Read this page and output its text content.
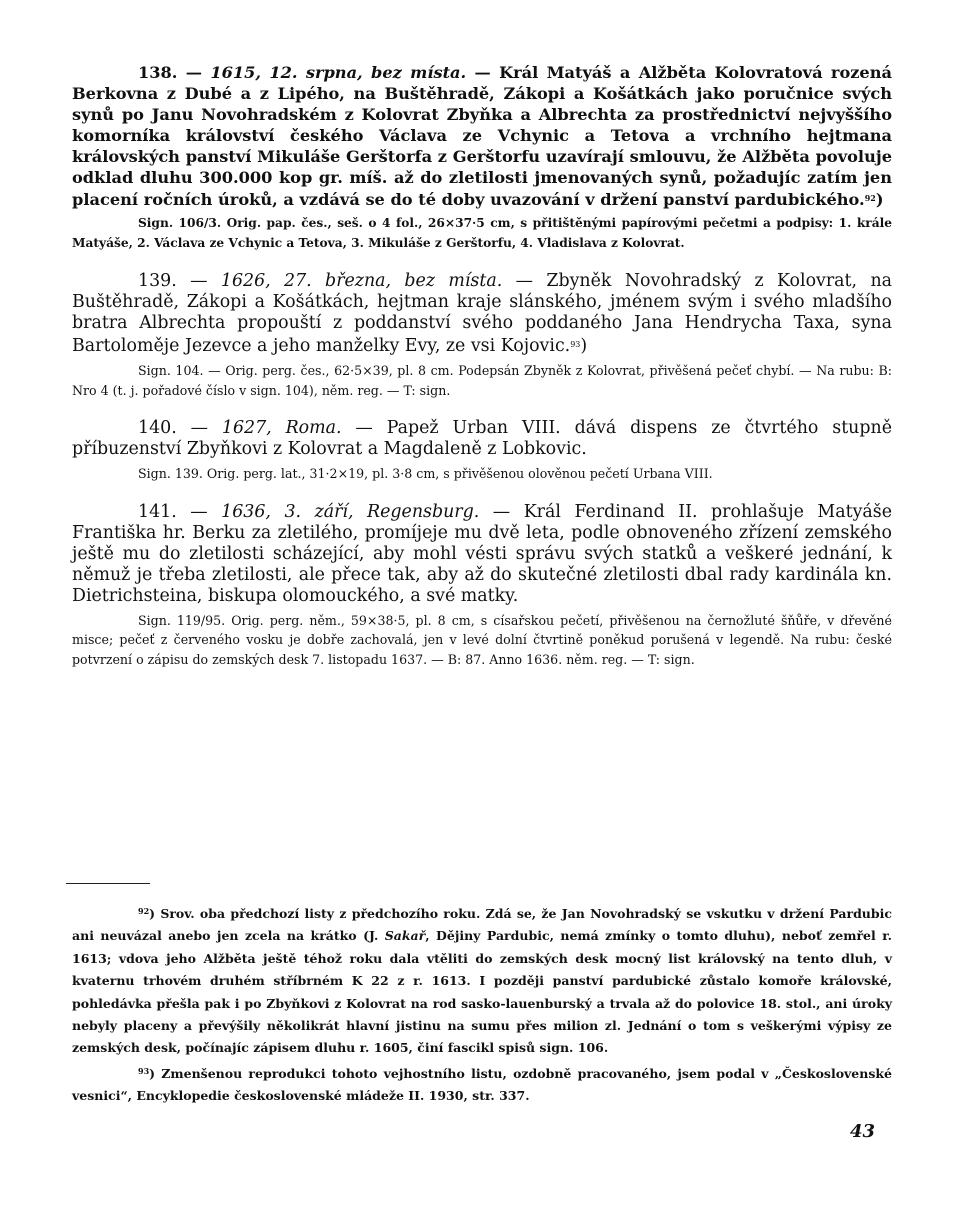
138. — 1615, 12. srpna, bez místa. — Král Matyáš a Alžběta Kolovratová rozená Berkovna z Dubé a z Lipého, na Buštěhradě, Zákopi a Košátkách jako poručnice svých synů po Janu Novohradském z Kolovrat Zbyňka a Albrechta za prostřednictví nejvyššího komorníka království českého Václava ze Vchynic a Tetova a vrchního hejtmana královských panství Mikuláše Gerštorfa z Gerštorfu uzavírají smlouvu, že Alžběta povoluje odklad dluhu 300.000 kop gr. míš. až do zletilosti jmenovaných synů, požadujíc zatím jen placení ročních úroků, a vzdává se do té doby uvazování v držení panství pardubického.$^{92}$)

Sign. 106/3. Orig. pap. čes., seš. o 4 fol., 26×37·5 cm, s přitištěnými papírovými pečetmi a podpisy: 1. krále Matyáše, 2. Václava ze Vchynic a Tetova, 3. Mikuláše z Gerštorfu, 4. Vladislava z Kolovrat.

139. — 1626, 27. března, bez místa. — Zbyněk Novohradský z Kolovrat, na Buštěhradě, Zákopi a Košátkách, hejtman kraje slánského, jménem svým i svého mladšího bratra Albrechta propouští z poddanství svého poddaného Jana Hendrycha Taxa, syna Bartoloměje Jezevce a jeho manželky Evy, ze vsi Kojovic.$^{93}$)

Sign. 104. — Orig. perg. čes., 62·5×39, pl. 8 cm. Podepsán Zbyněk z Kolovrat, přivěšená pečeť chybí. — Na rubu: B: Nro 4 (t. j. pořadové číslo v sign. 104), něm. reg. — T: sign.

140. — 1627, Roma. — Papež Urban VIII. dává dispens ze čtvrtého stupně příbuzenství Zbyňkovi z Kolovrat a Magdaleně z Lobkovic.

Sign. 139. Orig. perg. lat., 31·2×19, pl. 3·8 cm, s přivěšenou olověnou pečetí Urbana VIII.

141. — 1636, 3. září, Regensburg. — Král Ferdinand II. prohlašuje Matyáše Františka hr. Berku za zletilého, promíjeje mu dvě leta, podle obnoveného zřízení zemského ještě mu do zletilosti scházející, aby mohl vésti správu svých statků a veškeré jednání, k němuž je třeba zletilosti, ale přece tak, aby až do skutečné zletilosti dbal rady kardinála kn. Dietrichsteina, biskupa olomouckého, a své matky.

Sign. 119/95. Orig. perg. něm., 59×38·5, pl. 8 cm, s císařskou pečetí, přivěšenou na černožluté šňůře, v dřevěné misce; pečeť z červeného vosku je dobře zachovalá, jen v levé dolní čtvrtině poněkud porušená v legendě. Na rubu: české potvrzení o zápisu do zemských desk 7. listopadu 1637. — B: 87. Anno 1636. něm. reg. — T: sign.

$^{92}$) Srov. oba předchozí listy z předchozího roku. Zdá se, že Jan Novohradský se vskutku v držení Pardubic ani neuvázal anebo jen zcela na krátko (J. Sakař, Dějiny Pardubic, nemá zmínky o tomto dluhu), neboť zemřel r. 1613; vdova jeho Alžběta ještě téhož roku dala vtěliti do zemských desk mocný list královský na tento dluh, v kvaternu trhovém druhém stříbrném K 22 z r. 1613. I později panství pardubické zůstalo komoře královské, pohledávka přešla pak i po Zbyňkovi z Kolovrat na rod sasko-lauenburský a trvala až do polovice 18. stol., ani úroky nebyly placeny a převýšily několikrát hlavní jistinu na sumu přes milion zl. Jednání o tom s veškerými výpisy ze zemských desk, počínajíc zápisem dluhu r. 1605, činí fascikl spisů sign. 106.

$^{93}$) Zmenšenou reprodukci tohoto vejhostního listu, ozdobně pracovaného, jsem podal v „Československé vesnici“, Encyklopedie československé mládeže II. 1930, str. 337.

43
